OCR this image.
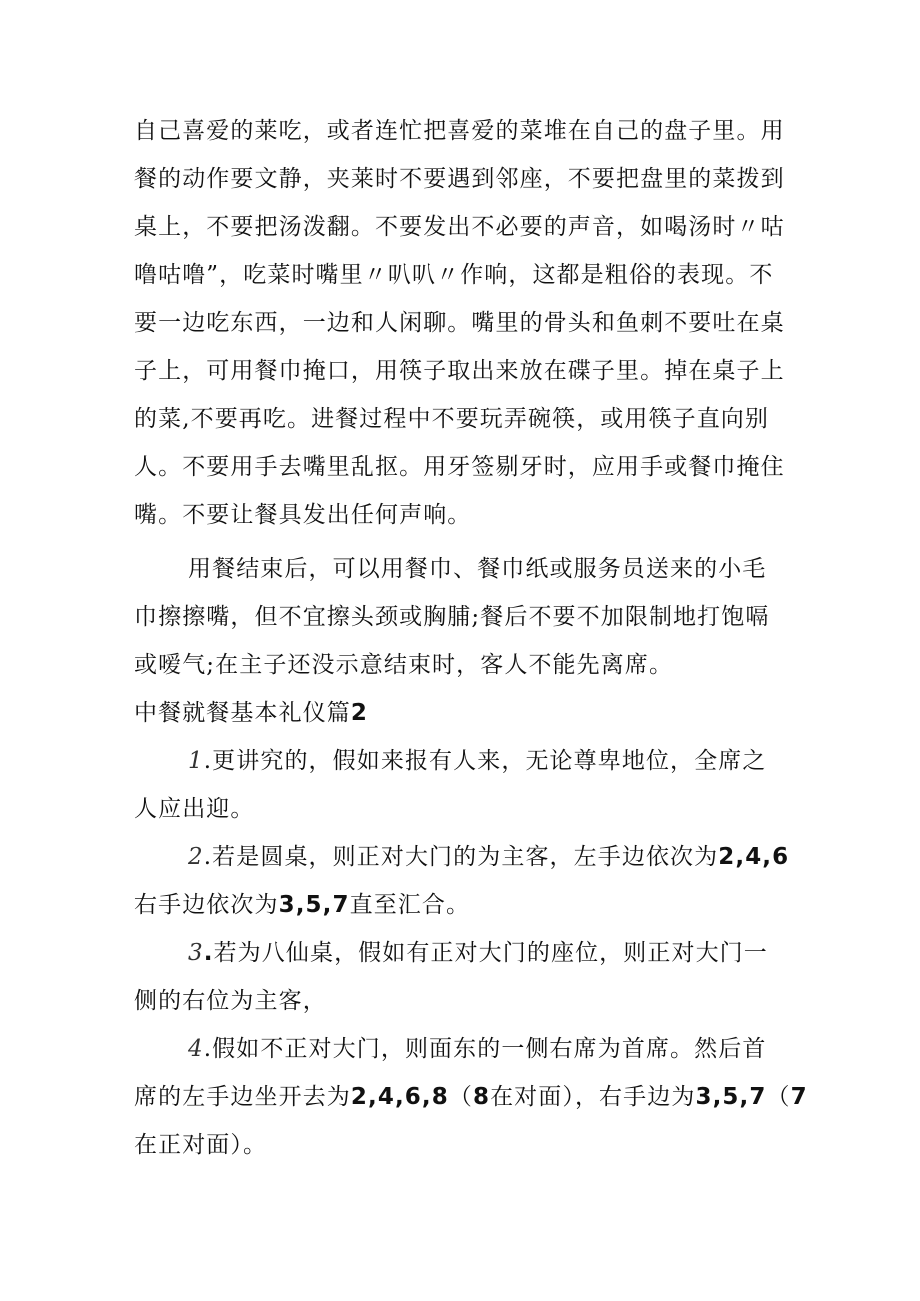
自己喜爱的莱吃，或者连忙把喜爱的菜堆在自己的盘子里。用
餐的动作要文静，夹莱时不要遇到邻座，不要把盘里的菜拨到
桌上，不要把汤泼翻。不要发出不必要的声音，如喝汤时〃咕
噜咕噜”，吃菜时嘴里〃叭叭〃作响，这都是粗俗的表现。不
要一边吃东西，一边和人闲聊。嘴里的骨头和鱼刺不要吐在桌
子上，可用餐巾掩口，用筷子取出来放在碟子里。掉在桌子上
的菜,不要再吃。进餐过程中不要玩弄碗筷，或用筷子直向别
人。不要用手去嘴里乱抠。用牙签剔牙时，应用手或餐巾掩住
嘴。不要让餐具发出任何声响。
用餐结束后，可以用餐巾、餐巾纸或服务员送来的小毛
巾擦擦嘴，但不宜擦头颈或胸脯;餐后不要不加限制地打饱嗝
或嗳气;在主子还没示意结束时，客人不能先离席。
中餐就餐基本礼仪篇2
1.更讲究的，假如来报有人来，无论尊卑地位，全席之
人应出迎。
2.若是圆桌，则正对大门的为主客，左手边依次为2,4,6
右手边依次为3,5,7直至汇合。
3.若为八仙桌，假如有正对大门的座位，则正对大门一
侧的右位为主客，
4.假如不正对大门，则面东的一侧右席为首席。然后首
席的左手边坐开去为2,4,6,8（8在对面），右手边为3,5,7（7
在正对面）。
